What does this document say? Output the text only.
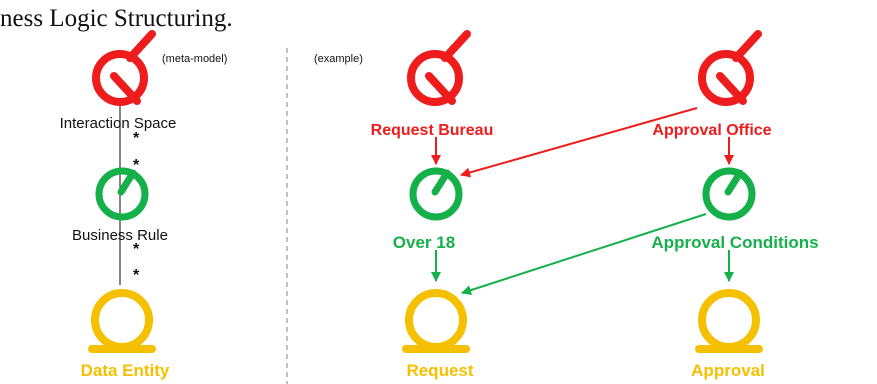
ness Logic Structuring.
(meta-model)	(example)
*
*
*
*
Interaction Space
Business Rule
Data Entity
Request Bureau	Approval Office
Over 18	Approval Conditions
Request	Approval
